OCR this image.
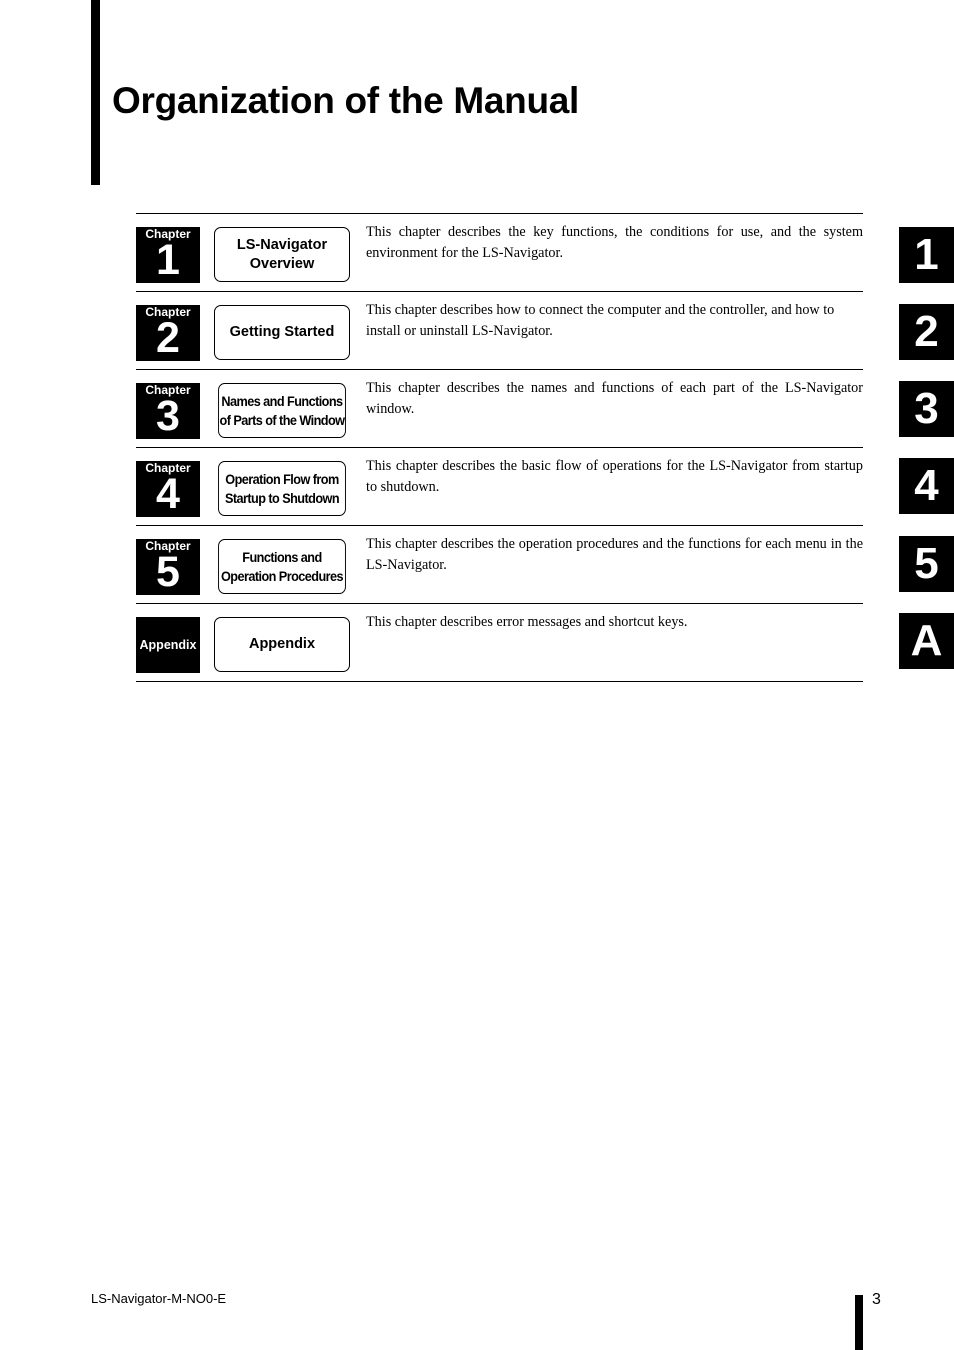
Organization of the Manual
Chapter
1	LS-Navigator
Overview

This chapter describes the key functions, the conditions for use, and the system environment for the LS-Navigator.

Chapter
2	Getting Started

This chapter describes how to connect the computer and the controller, and how to install or uninstall LS-Navigator.

Chapter
3	Names and Functions
of Parts of the Window

This chapter describes the names and functions of each part of the LS-Navigator window.

Chapter
4	Operation Flow from
Startup to Shutdown

This chapter describes the basic flow of operations for the LS-Navigator from startup to shutdown.

Chapter
5	Functions and
Operation Procedures

This chapter describes the operation procedures and the functions for each menu in the LS-Navigator.

Appendix	Appendix

This chapter describes error messages and shortcut keys.

1
2
3
4
5
A
LS-Navigator-M-NO0-E	3
